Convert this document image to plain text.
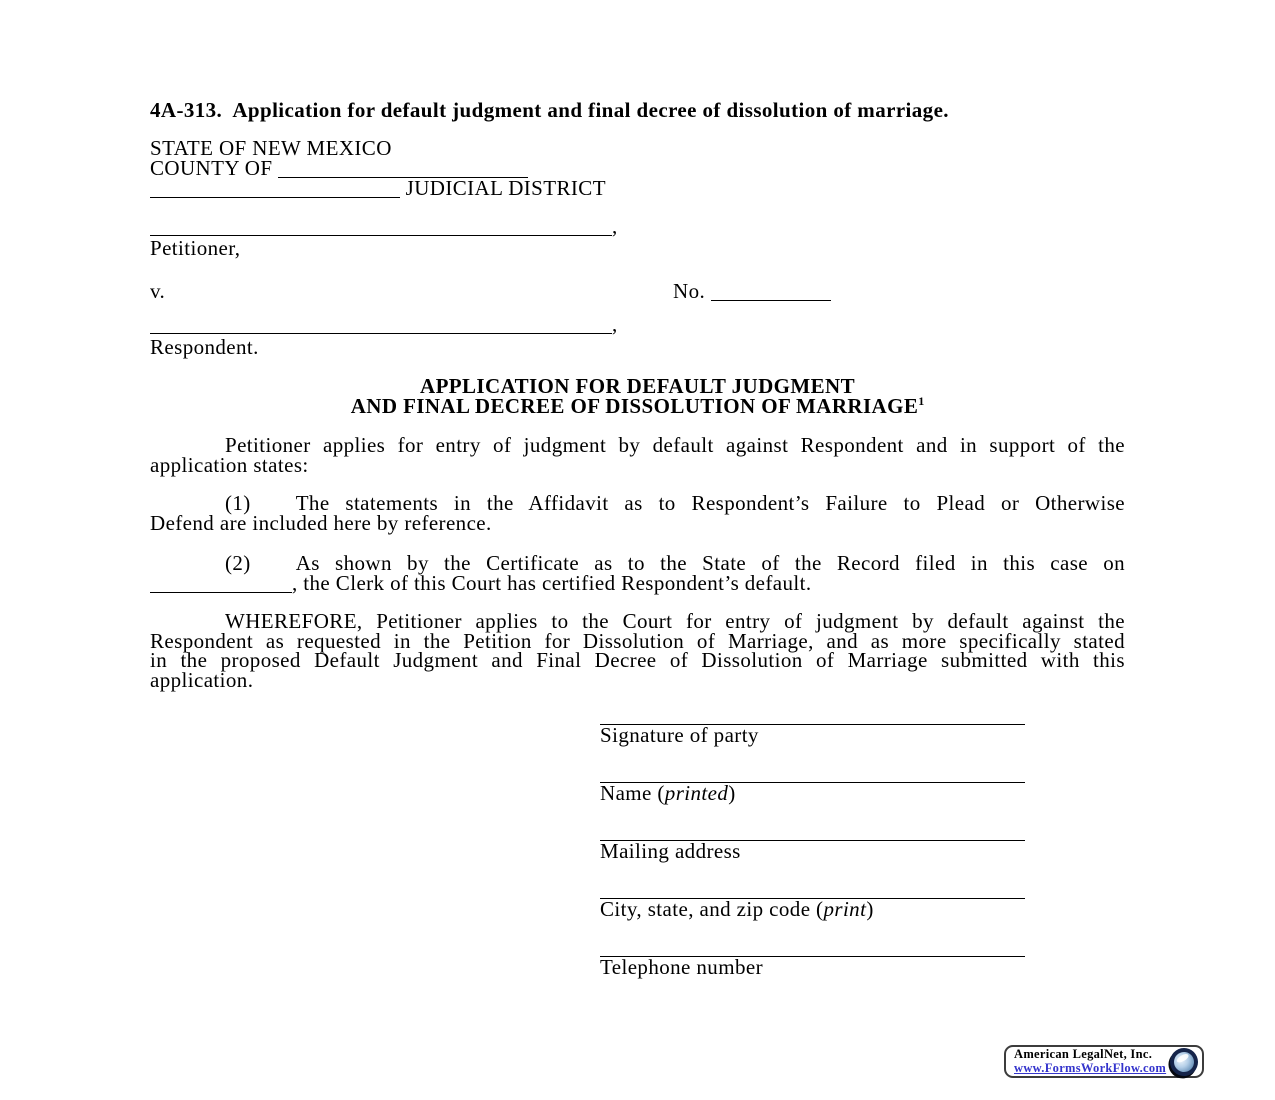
4A-313.  Application for default judgment and final decree of dissolution of marriage.
STATE OF NEW MEXICO
COUNTY OF
JUDICIAL DISTRICT
,
Petitioner,
v.	No.
,
Respondent.
APPLICATION FOR DEFAULT JUDGMENT
AND FINAL DECREE OF DISSOLUTION OF MARRIAGE$^1$
Petitioner applies for entry of judgment by default against Respondent and in support of the
application states:
(1) The statements in the Affidavit as to Respondent’s Failure to Plead or Otherwise
Defend are included here by reference.
(2) As shown by the Certificate as to the State of the Record filed in this case on
, the Clerk of this Court has certified Respondent’s default.
WHEREFORE, Petitioner applies to the Court for entry of judgment by default against the
Respondent as requested in the Petition for Dissolution of Marriage, and as more specifically stated
in the proposed Default Judgment and Final Decree of Dissolution of Marriage submitted with this
application.
Signature of party
Name (printed)
Mailing address
City, state, and zip code (print)
Telephone number
American LegalNet, Inc.
www.FormsWorkFlow.com
